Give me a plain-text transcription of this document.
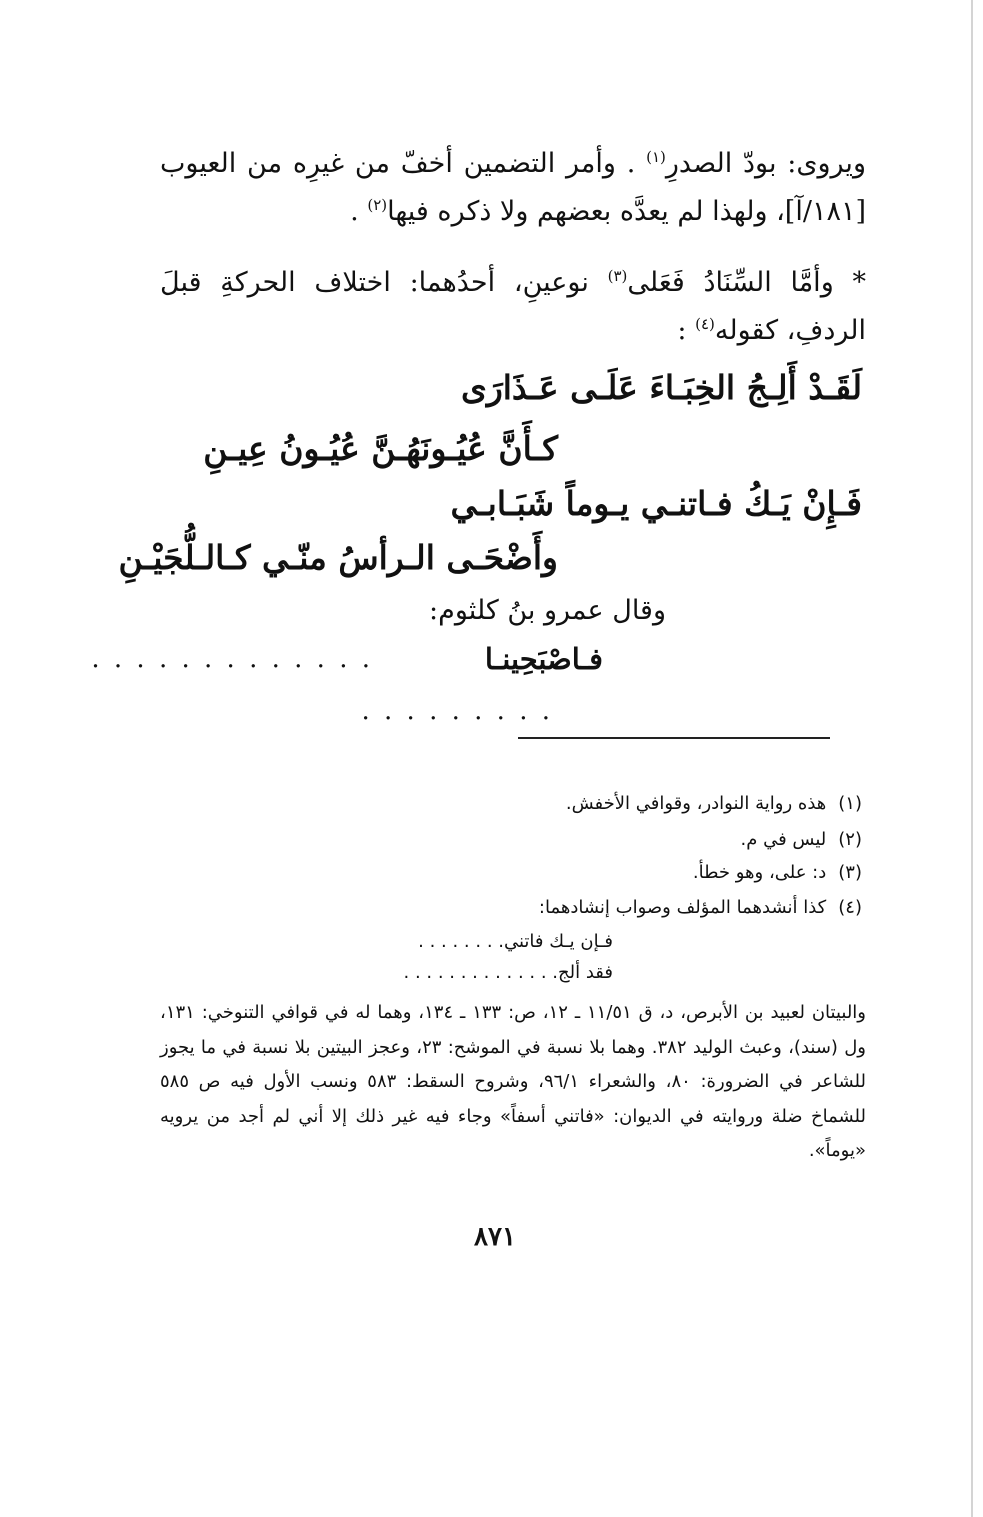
ويروى: بودّ الصدرِ$^{(١)}$ . وأمر التضمين أخفّ من غيرِه من العيوب [١٨١/آ]، ولهذا لم يعدَّه بعضهم ولا ذكره فيها$^{(٢)}$ .

* وأمَّا السِّنَادُ فَعَلى$^{(٣)}$ نوعينِ، أحدُهما: اختلاف الحركةِ قبلَ الردفِ، كقوله$^{(٤)}$ :

لَقَـدْ أَلِـجُ الخِبَـاءَ عَلَـى عَـذَارَى
كـأَنَّ عُيُـونَهُـنَّ عُيُـونُ عِيـنِ
فَـإِنْ يَـكُ فـاتنـي يـوماً شَبَـابـي
وأَضْحَـى الـرأسُ منّـي كـالـلُّجَيْـنِ
وقال عمرو بنُ كلثوم:
فـاصْبَحِينـا
. . . . . . . . . . . . .
. . . . . . . . .
(١)هذه رواية النوادر، وقوافي الأخفش.
(٢)ليس في م.
(٣)د: على، وهو خطأ.
(٤)كذا أنشدهما المؤلف وصواب إنشادهما:
فـإن يـك فاتني. . . . . . . .
فقد ألج. . . . . . . . . . . . . .

والبيتان لعبيد بن الأبرص، د، ق ١١/٥١ ـ ١٢، ص: ١٣٣ ـ ١٣٤، وهما له في قوافي التنوخي: ١٣١، ول (سند)، وعبث الوليد ٣٨٢. وهما بلا نسبة في الموشح: ٢٣، وعجز البيتين بلا نسبة في ما يجوز للشاعر في الضرورة: ٨٠، والشعراء ٩٦/١، وشروح السقط: ٥٨٣ ونسب الأول فيه ص ٥٨٥ للشماخ ضلة وروايته في الديوان: «فاتني أسفاً» وجاء فيه غير ذلك إلا أني لم أجد من يرويه «يوماً».

٨٧١
